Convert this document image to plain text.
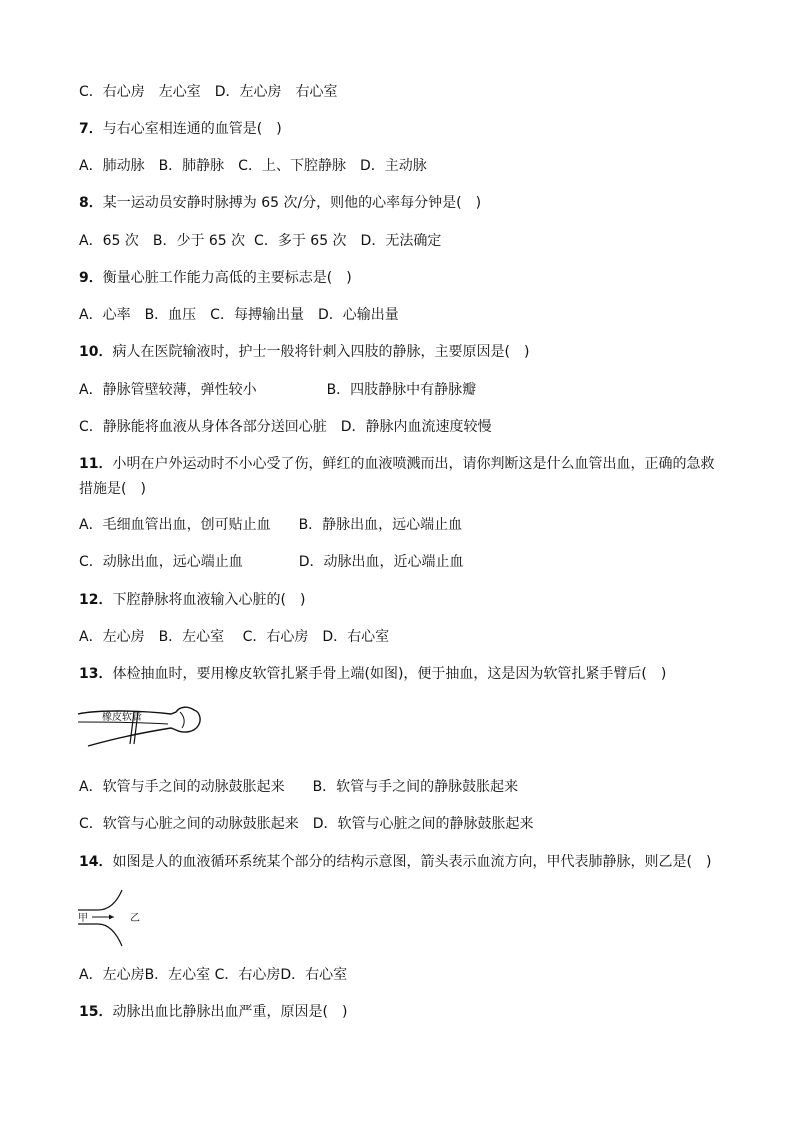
C．右心房　左心室　D．左心房　右心室
7．与右心室相连通的血管是(　)
A．肺动脉　B．肺静脉　C．上、下腔静脉　D．主动脉
8．某一运动员安静时脉搏为 65 次/分，则他的心率每分钟是(　)
A．65 次　B．少于 65 次  C．多于 65 次　D．无法确定
9．衡量心脏工作能力高低的主要标志是(　)
A．心率　B．血压　C．每搏输出量　D．心输出量
10．病人在医院输液时，护士一般将针刺入四肢的静脉，主要原因是(　)
A．静脉管壁较薄，弹性较小　　　　　B．四肢静脉中有静脉瓣
C．静脉能将血液从身体各部分送回心脏　D．静脉内血流速度较慢
11．小明在户外运动时不小心受了伤，鲜红的血液喷溅而出，请你判断这是什么血管出血，正确的急救
措施是(　)
A．毛细血管出血，创可贴止血　　B．静脉出血，远心端止血
C．动脉出血，远心端止血　　　　D．动脉出血，近心端止血
12．下腔静脉将血液输入心脏的(　)
A．左心房　B．左心室　 C．右心房　D．右心室
13．体检抽血时，要用橡皮软管扎紧手骨上端(如图)，便于抽血，这是因为软管扎紧手臂后(　)
橡皮软管
A．软管与手之间的动脉鼓胀起来　　B．软管与手之间的静脉鼓胀起来
C．软管与心脏之间的动脉鼓胀起来　D．软管与心脏之间的静脉鼓胀起来
14．如图是人的血液循环系统某个部分的结构示意图，箭头表示血流方向，甲代表肺静脉，则乙是(　)
甲	乙
A．左心房B．左心室 C．右心房D．右心室
15．动脉出血比静脉出血严重，原因是(　)
